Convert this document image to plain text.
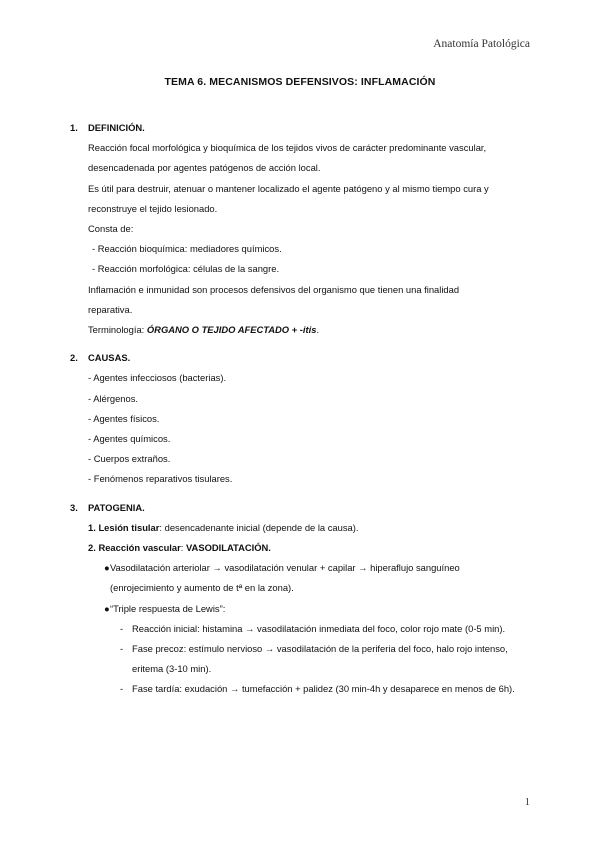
Anatomía Patológica
TEMA 6. MECANISMOS DEFENSIVOS: INFLAMACIÓN
1.	DEFINICIÓN.
Reacción focal morfológica y bioquímica de los tejidos vivos de carácter predominante vascular,
desencadenada por agentes patógenos de acción local.
Es útil para destruir, atenuar o mantener localizado el agente patógeno y al mismo tiempo cura y
reconstruye el tejido lesionado.
Consta de:
- Reacción bioquímica: mediadores químicos.
- Reacción morfológica: células de la sangre.
Inflamación e inmunidad son procesos defensivos del organismo que tienen una finalidad
reparativa.
Terminología: ÓRGANO O TEJIDO AFECTADO + -itis.
2.	CAUSAS.
- Agentes infecciosos (bacterias).
- Alérgenos.
- Agentes físicos.
- Agentes químicos.
- Cuerpos extraños.
- Fenómenos reparativos tisulares.
3.	PATOGENIA.
1. Lesión tisular: desencadenante inicial (depende de la causa).
2. Reacción vascular: VASODILATACIÓN.
● Vasodilatación arteriolar → vasodilatación venular + capilar → hiperaflujo sanguíneo
(enrojecimiento y aumento de tª en la zona).
● “Triple respuesta de Lewis”:
- Reacción inicial: histamina → vasodilatación inmediata del foco, color rojo mate (0-5 min).
- Fase precoz: estímulo nervioso → vasodilatación de la periferia del foco, halo rojo intenso,
eritema (3-10 min).
- Fase tardía: exudación → tumefacción + palidez (30 min-4h y desaparece en menos de 6h).
1
